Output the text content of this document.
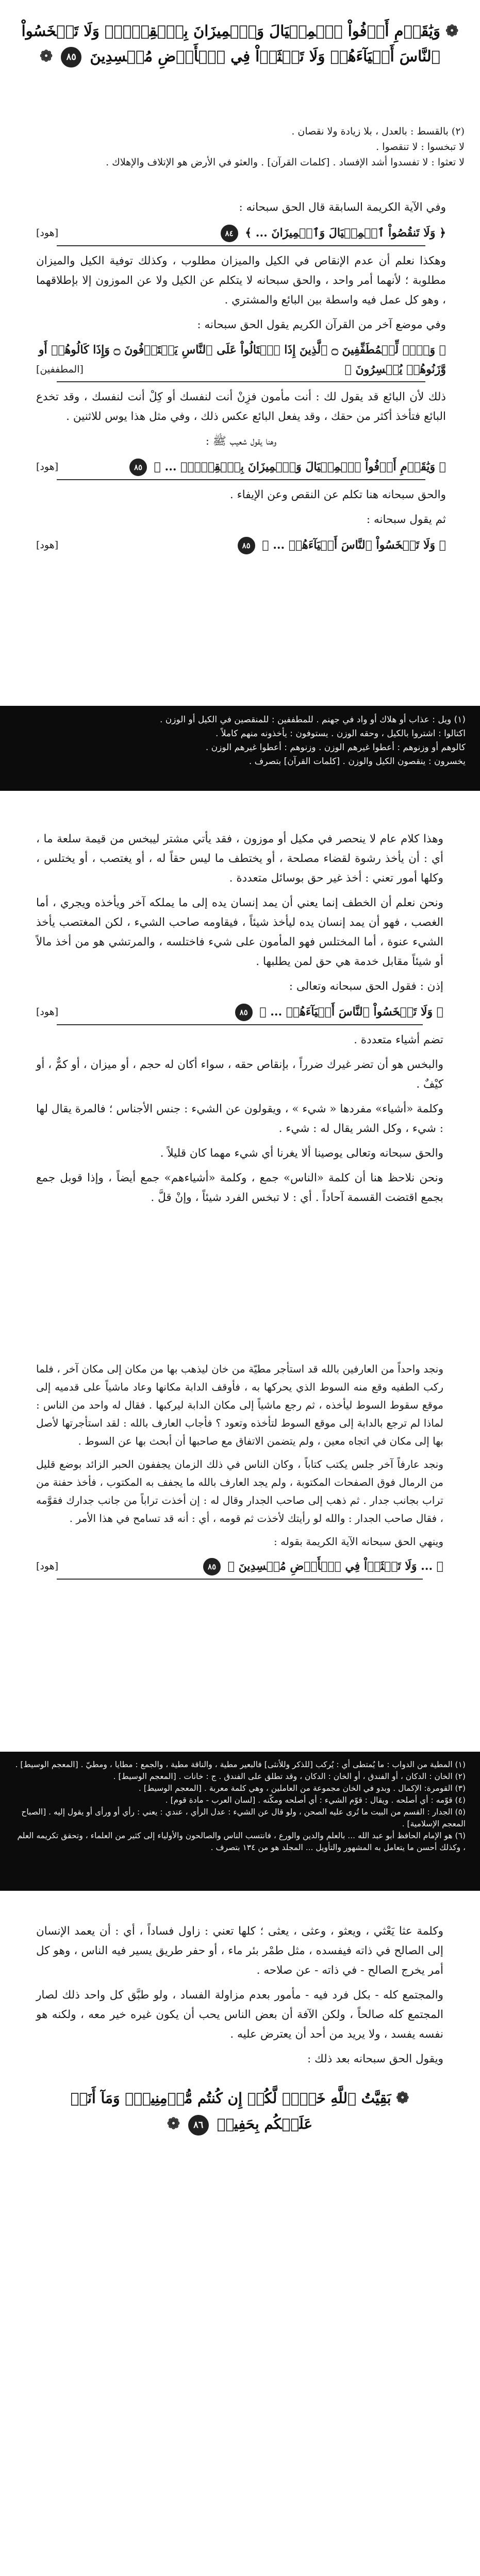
❁ وَيَٰقَوۡمِ أَوۡفُواْ ٱلۡمِكۡيَالَ وَٱلۡمِيزَانَ بِٱلۡقِسۡطِۖ وَلَا تَبۡخَسُواْ ٱلنَّاسَ أَشۡيَآءَهُمۡ وَلَا تَعۡثَوۡاْ فِي ٱلۡأَرۡضِ مُفۡسِدِينَ ٨٥ ❁

(٢) بالقسط : بالعدل ، بلا زيادة ولا نقصان .

لا تبخسوا : لا تنقصوا .

لا تعثوا : لا تفسدوا أشد الإفساد . [كلمات القرآن] . والعثو في الأرض هو الإتلاف والإهلاك .

وفي الآية الكريمة السابقة قال الحق سبحانه :

﴿ وَلَا تَنقُصُواْ ٱلۡمِكۡيَالَ وَٱلۡمِيزَانَ ... ﴾ ٨٤
[هود]

وهكذا نعلم أن عدم الإنقاص في الكيل والميزان مطلوب ، وكذلك توفية الكيل والميزان مطلوبة ؛ لأنهما أمر واحد ، والحق سبحانه لا يتكلم عن الكيل ولا عن الموزون إلا بإطلاقهما ، وهو كل عمل فيه واسطة بين البائع والمشتري .

وفي موضع آخر من القرآن الكريم يقول الحق سبحانه :

﴿ وَيۡلٞ لِّلۡمُطَفِّفِينَ ۝ ٱلَّذِينَ إِذَا ٱكۡتَالُواْ عَلَى ٱلنَّاسِ يَسۡتَوۡفُونَ ۝ وَإِذَا كَالُوهُمۡ أَو وَّزَنُوهُمۡ يُخۡسِرُونَ ﴾
[المطففين]

ذلك لأن البائع قد يقول لك : أنت مأمون فزِنْ أنت لنفسك أو كِلْ أنت لنفسك ، وقد تخدع البائع فتأخذ أكثر من حقك ، وقد يفعل البائع عكس ذلك ، وفي مثل هذا يوس للاثنين .

وهنا يقول شعيب ﷺ :

﴿ وَيَٰقَوۡمِ أَوۡفُواْ ٱلۡمِكۡيَالَ وَٱلۡمِيزَانَ بِٱلۡقِسۡطِۖ ... ﴾ ٨٥
[هود]

والحق سبحانه هنا تكلم عن النقص وعن الإيفاء .

ثم يقول سبحانه :

﴿ وَلَا تَبۡخَسُواْ ٱلنَّاسَ أَشۡيَآءَهُمۡ ... ﴾ ٨٥
[هود]

(١) ويل : عذاب أو هلاك أو واد في جهنم . للمطففين : للمنقصين في الكيل أو الوزن .

اكتالوا : اشتروا بالكيل ، وحقه الوزن . يستوفون : يأخذونه منهم كاملاً .

كالوهم أو وزنوهم : أعطوا غيرهم الوزن . وزنوهم : أعطوا غيرهم الوزن .

يخسرون : ينقصون الكيل والوزن . [كلمات القرآن] بتصرف .

وهذا كلام عام لا ينحصر في مكيل أو موزون ، فقد يأتي مشتر ليبخس من قيمة سلعة ما ، أي : أن يأخذ رشوة لقضاء مصلحة ، أو يختطف ما ليس حقاً له ، أو يغتصب ، أو يختلس ، وكلها أمور تعني : أخذ غير حق بوسائل متعددة .

ونحن نعلم أن الخطف إنما يعني أن يمد إنسان يده إلى ما يملكه آخر ويأخذه ويجري ، أما الغصب ، فهو أن يمد إنسان يده ليأخذ شيئاً ، فيقاومه صاحب الشيء ، لكن المغتصب يأخذ الشيء عنوة ، أما المختلس فهو المأمون على شيء فاختلسه ، والمرتشي هو من أخذ مالاً أو شيئاً مقابل خدمة هي حق لمن يطلبها .

إذن : فقول الحق سبحانه وتعالى :

﴿ وَلَا تَبۡخَسُواْ ٱلنَّاسَ أَشۡيَآءَهُمۡ ... ﴾ ٨٥
[هود]

تضم أشياء متعددة .

والبخس هو أن تضر غيرك ضرراً ، بإنقاص حقه ، سواء أكان له حجم ، أو ميزان ، أو كمٌّ ، أو كيْفٌ .

وكلمة «أشياء» مفردها « شيء » ، ويقولون عن الشيء : جنس الأجناس ؛ فالمرة يقال لها : شيء ، وكل الشر يقال له : شيء .

والحق سبحانه وتعالى يوصينا ألا يغرنا أي شيء مهما كان قليلاً .

ونحن نلاحظ هنا أن كلمة «الناس» جمع ، وكلمة «أشياءهم» جمع أيضاً ، وإذا قوبل جمع بجمع اقتضت القسمة آحاداً . أي : لا تبخس الفرد شيئاً ، وإنْ قلَّ .

ونجد واحداً من العارفين بالله قد استأجر مطيّة من خان ليذهب بها من مكان إلى مكان آخر ، فلما ركب الطفيه وقع منه السوط الذي يحركها به ، فأوقف الدابة مكانها وعاد ماشياً على قدميه إلى موقع سقوط السوط ليأخذه ، ثم رجع ماشياً إلى مكان الدابة ليركبها . فقال له واحد من الناس : لماذا لم ترجع بالدابة إلى موقع السوط لتأخذه وتعود ؟ فأجاب العارف بالله : لقد استأجرتها لأصل بها إلى مكان في اتجاه معين ، ولم يتضمن الاتفاق مع صاحبها أن أبحث بها عن السوط .

ونجد عارفاً آخر جلس يكتب كتاباً ، وكان الناس في ذلك الزمان يجففون الحبر الزائد بوضع قليل من الرمال فوق الصفحات المكتوبة ، ولم يجد العارف بالله ما يجفف به المكتوب ، فأخذ حفنة من تراب بجانب جدار . ثم ذهب إلى صاحب الجدار وقال له : إن أخذت تراباً من جانب جدارك فقوَّمه ، فقال صاحب الجدار : والله لو رأيتك لأخذت ثم قومه ، أي : أنه قد تسامح في هذا الأمر .

وينهي الحق سبحانه الآية الكريمة بقوله :

﴿ ... وَلَا تَعۡثَوۡاْ فِي ٱلۡأَرۡضِ مُفۡسِدِينَ ﴾ ٨٥
[هود]

(١) المطية من الدواب : ما يُمتطى أي : يُركب [للذكر وللأنثى] فالبعير مطية ، والناقة مطية ، والجمع : مطايا ، ومطيّ . [المعجم الوسيط] .

(٢) الخان : الدكان ، أو الفندق ، أو الخان : الدكان ، وقد تطلق على الفندق . ج : خانات . [المعجم الوسيط] .

(٣) القومرة: الإكمال . وبدو في الخان مجموعة من العاملين ، وهي كلمة معربة . [المعجم الوسيط] .

(٤) قوّمه : أي أصلحه . ويقال : قوّم الشيء : أي أصلحه ومكّنه . [لسان العرب - مادة قوم] .

(٥) الجدار : القسم من البيت ما تُرى عليه الصحن ، ولو قال عن الشيء : عدل الرأي ، عندي : يعني : رأي أو ورأى أو يقول إليه . [الصباح المعجم الإسلامية] .

(٦) هو الإمام الحافظ أبو عبد الله ... بالعلم والدين والورع ، فانتسب الناس والصالحون والأولياء إلى كثير من العلماء ، وتحقق تكريمه العلم ، وكذلك أحسن ما يتعامل به المشهور والتأويل ... المجلد هو من ١٣٤ بتصرف .

وكلمة عثا يَعْثي ، ويعثو ، وعثى ، يعثى ؛ كلها تعني : زاول فساداً ، أي : أن يعمد الإنسان إلى الصالح في ذاته فيفسده ، مثل طمْر بئر ماء ، أو حفر طريق يسير فيه الناس ، وهو كل أمر يخرج الصالح - في ذاته - عن صلاحه .

والمجتمع كله - بكل فرد فيه - مأمور بعدم مزاولة الفساد ، ولو طبَّق كل واحد ذلك لصار المجتمع كله صالحاً ، ولكن الآفة أن بعض الناس يحب أن يكون غيره خير معه ، ولكنه هو نفسه يفسد ، ولا يريد من أحد أن يعترض عليه .

ويقول الحق سبحانه بعد ذلك :

❁ بَقِيَّتُ ٱللَّهِ خَيۡرٞ لَّكُمۡ إِن كُنتُم مُّؤۡمِنِينَۚ وَمَآ أَنَا۠ عَلَيۡكُم بِحَفِيظٖ ٨٦ ❁
